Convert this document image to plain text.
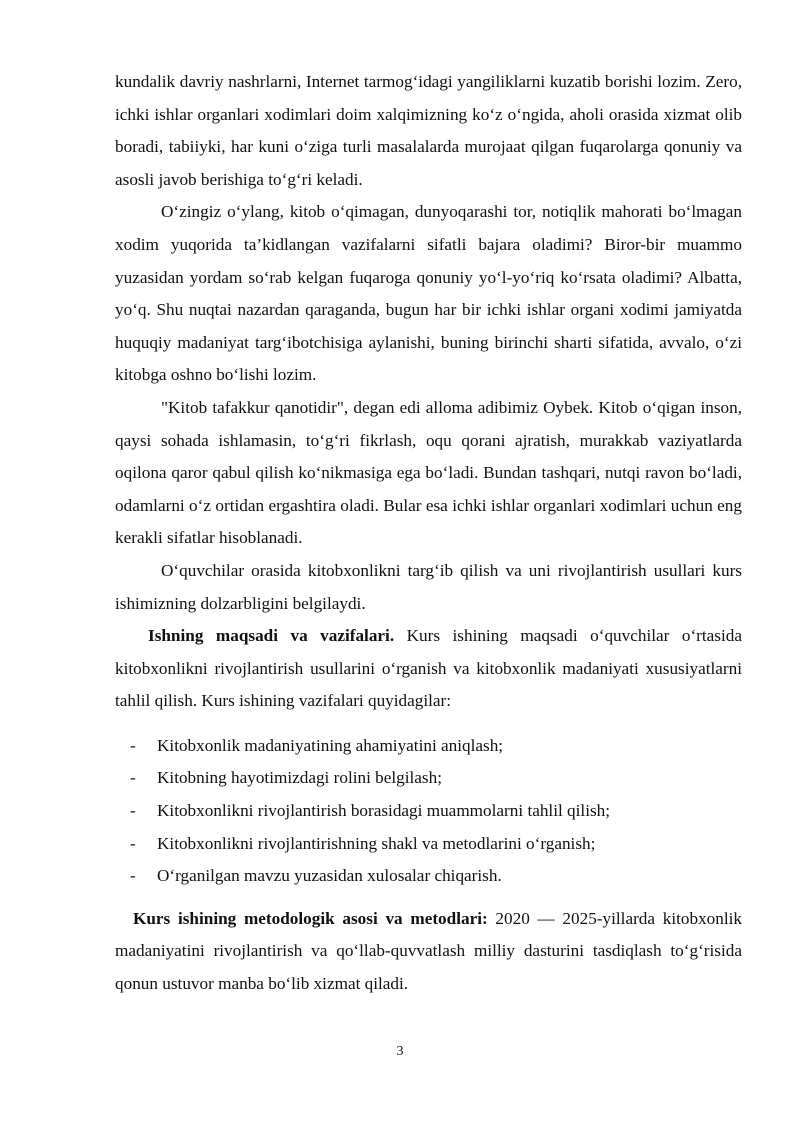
kundalik davriy nashrlarni, Internet tarmog‘idagi yangiliklarni kuzatib borishi lozim. Zero, ichki ishlar organlari xodimlari doim xalqimizning ko‘z o‘ngida, aholi orasida xizmat olib boradi, tabiiyki, har kuni o‘ziga turli masalalarda murojaat qilgan fuqarolarga qonuniy va asosli javob berishiga to‘g‘ri keladi.

O‘zingiz o‘ylang, kitob o‘qimagan, dunyoqarashi tor, notiqlik mahorati bo‘lmagan xodim yuqorida ta’kidlangan vazifalarni sifatli bajara oladimi? Biror-bir muammo yuzasidan yordam so‘rab kelgan fuqaroga qonuniy yo‘l-yo‘riq ko‘rsata oladimi? Albatta, yo‘q. Shu nuqtai nazardan qaraganda, bugun har bir ichki ishlar organi xodimi jamiyatda huquqiy madaniyat targ‘ibotchisiga aylanishi, buning birinchi sharti sifatida, avvalo, o‘zi kitobga oshno bo‘lishi lozim.

"Kitob tafakkur qanotidir", degan edi alloma adibimiz Oybek. Kitob o‘qigan inson, qaysi sohada ishlamasin, to‘g‘ri fikrlash, oqu qorani ajratish, murakkab vaziyatlarda oqilona qaror qabul qilish ko‘nikmasiga ega bo‘ladi. Bundan tashqari, nutqi ravon bo‘ladi, odamlarni o‘z ortidan ergashtira oladi. Bular esa ichki ishlar organlari xodimlari uchun eng kerakli sifatlar hisoblanadi.

O‘quvchilar orasida kitobxonlikni targ‘ib qilish va uni rivojlantirish usullari kurs ishimizning dolzarbligini belgilaydi.

Ishning maqsadi va vazifalari. Kurs ishining maqsadi o‘quvchilar o‘rtasida kitobxonlikni rivojlantirish usullarini o‘rganish va kitobxonlik madaniyati xususiyatlarni tahlil qilish. Kurs ishining vazifalari quyidagilar:

- Kitobxonlik madaniyatining ahamiyatini aniqlash;
- Kitobning hayotimizdagi rolini belgilash;
- Kitobxonlikni rivojlantirish borasidagi muammolarni tahlil qilish;
- Kitobxonlikni rivojlantirishning shakl va metodlarini o‘rganish;
- O‘rganilgan mavzu yuzasidan xulosalar chiqarish.

Kurs ishining metodologik asosi va metodlari: 2020 — 2025-yillarda kitobxonlik madaniyatini rivojlantirish va qo‘llab-quvvatlash milliy dasturini tasdiqlash to‘g‘risida qonun ustuvor manba bo‘lib xizmat qiladi.

3
